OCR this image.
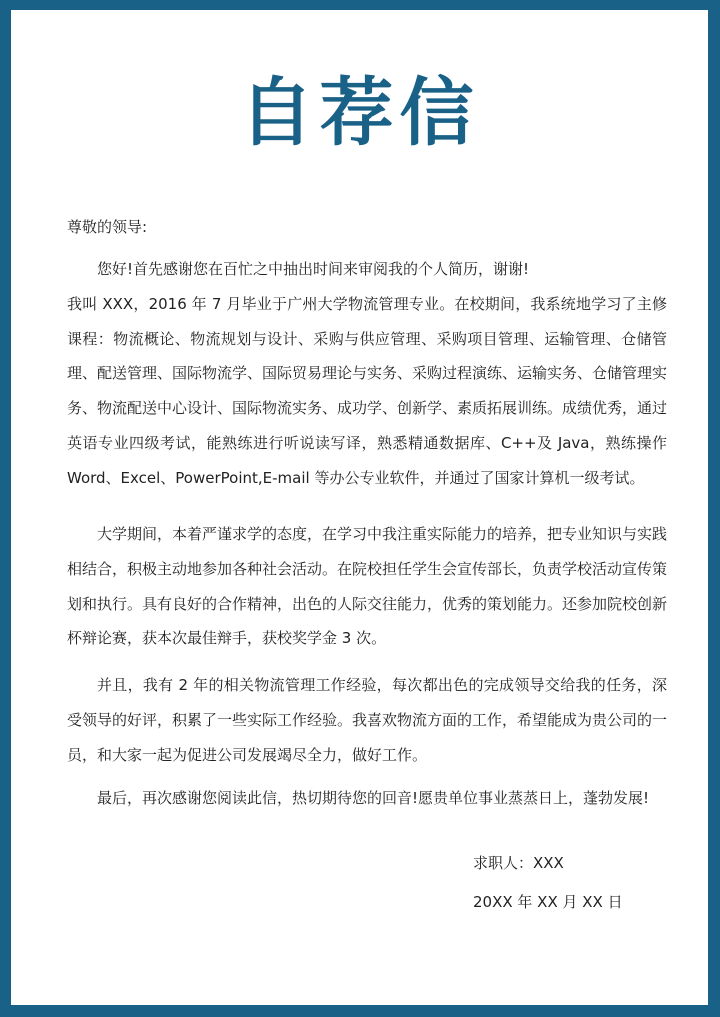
自荐信
尊敬的领导:

您好!首先感谢您在百忙之中抽出时间来审阅我的个人简历，谢谢!

我叫 XXX，2016 年 7 月毕业于广州大学物流管理专业。在校期间，我系统地学习了主修课程：物流概论、物流规划与设计、采购与供应管理、采购项目管理、运输管理、仓储管理、配送管理、国际物流学、国际贸易理论与实务、采购过程演练、运输实务、仓储管理实务、物流配送中心设计、国际物流实务、成功学、创新学、素质拓展训练。成绩优秀，通过英语专业四级考试，能熟练进行听说读写译，熟悉精通数据库、C++及 Java，熟练操作 Word、Excel、PowerPoint,E-mail 等办公专业软件，并通过了国家计算机一级考试。

大学期间，本着严谨求学的态度，在学习中我注重实际能力的培养，把专业知识与实践相结合，积极主动地参加各种社会活动。在院校担任学生会宣传部长，负责学校活动宣传策划和执行。具有良好的合作精神，出色的人际交往能力，优秀的策划能力。还参加院校创新杯辩论赛，获本次最佳辩手，获校奖学金 3 次。

并且，我有 2 年的相关物流管理工作经验，每次都出色的完成领导交给我的任务，深受领导的好评，积累了一些实际工作经验。我喜欢物流方面的工作，希望能成为贵公司的一员，和大家一起为促进公司发展竭尽全力，做好工作。

最后，再次感谢您阅读此信，热切期待您的回音!愿贵单位事业蒸蒸日上，蓬勃发展!

求职人：XXX
20XX 年 XX 月 XX 日
